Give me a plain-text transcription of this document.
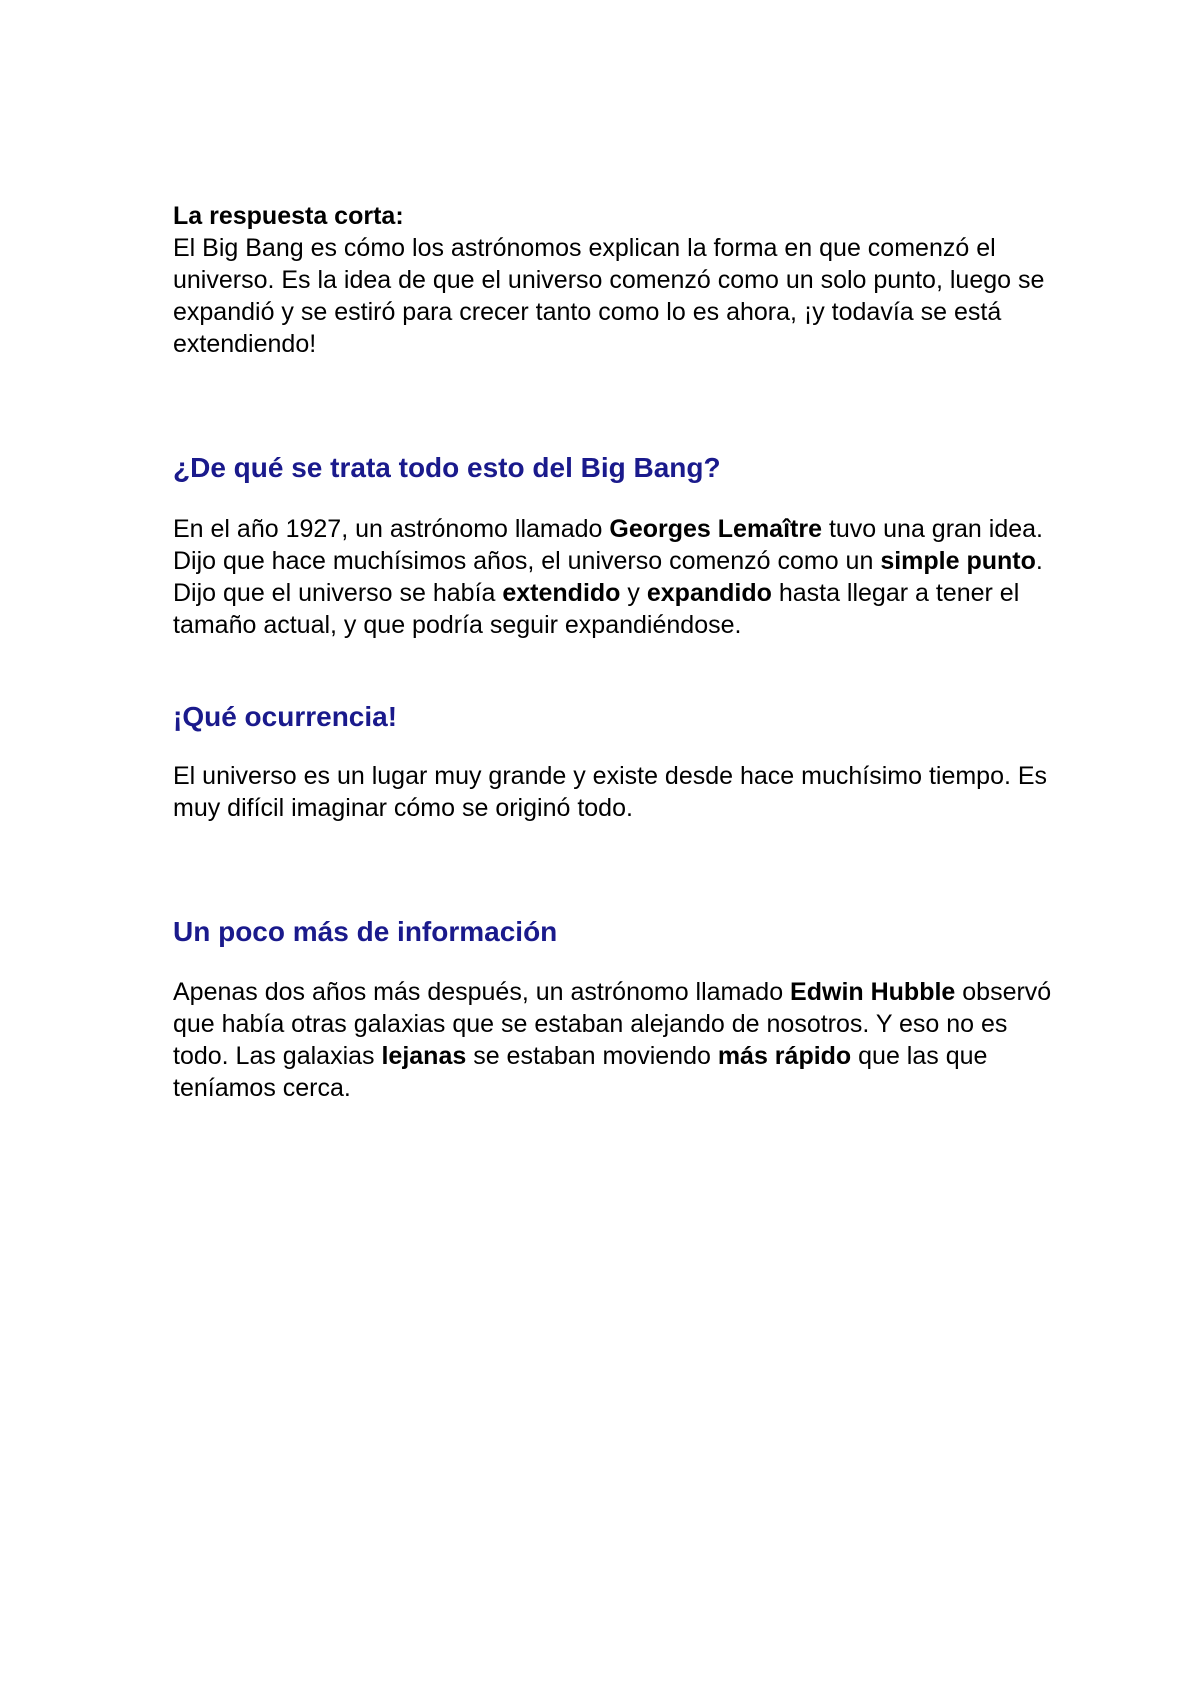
La respuesta corta:

El Big Bang es cómo los astrónomos explican la forma en que comenzó el universo. Es la idea de que el universo comenzó como un solo punto, luego se expandió y se estiró para crecer tanto como lo es ahora, ¡y todavía se está extendiendo!

¿De qué se trata todo esto del Big Bang?

En el año 1927, un astrónomo llamado Georges Lemaître tuvo una gran idea. Dijo que hace muchísimos años, el universo comenzó como un simple punto. Dijo que el universo se había extendido y expandido hasta llegar a tener el tamaño actual, y que podría seguir expandiéndose.

¡Qué ocurrencia!

El universo es un lugar muy grande y existe desde hace muchísimo tiempo. Es muy difícil imaginar cómo se originó todo.

Un poco más de información

Apenas dos años más después, un astrónomo llamado Edwin Hubble observó que había otras galaxias que se estaban alejando de nosotros. Y eso no es todo. Las galaxias lejanas se estaban moviendo más rápido que las que teníamos cerca.
